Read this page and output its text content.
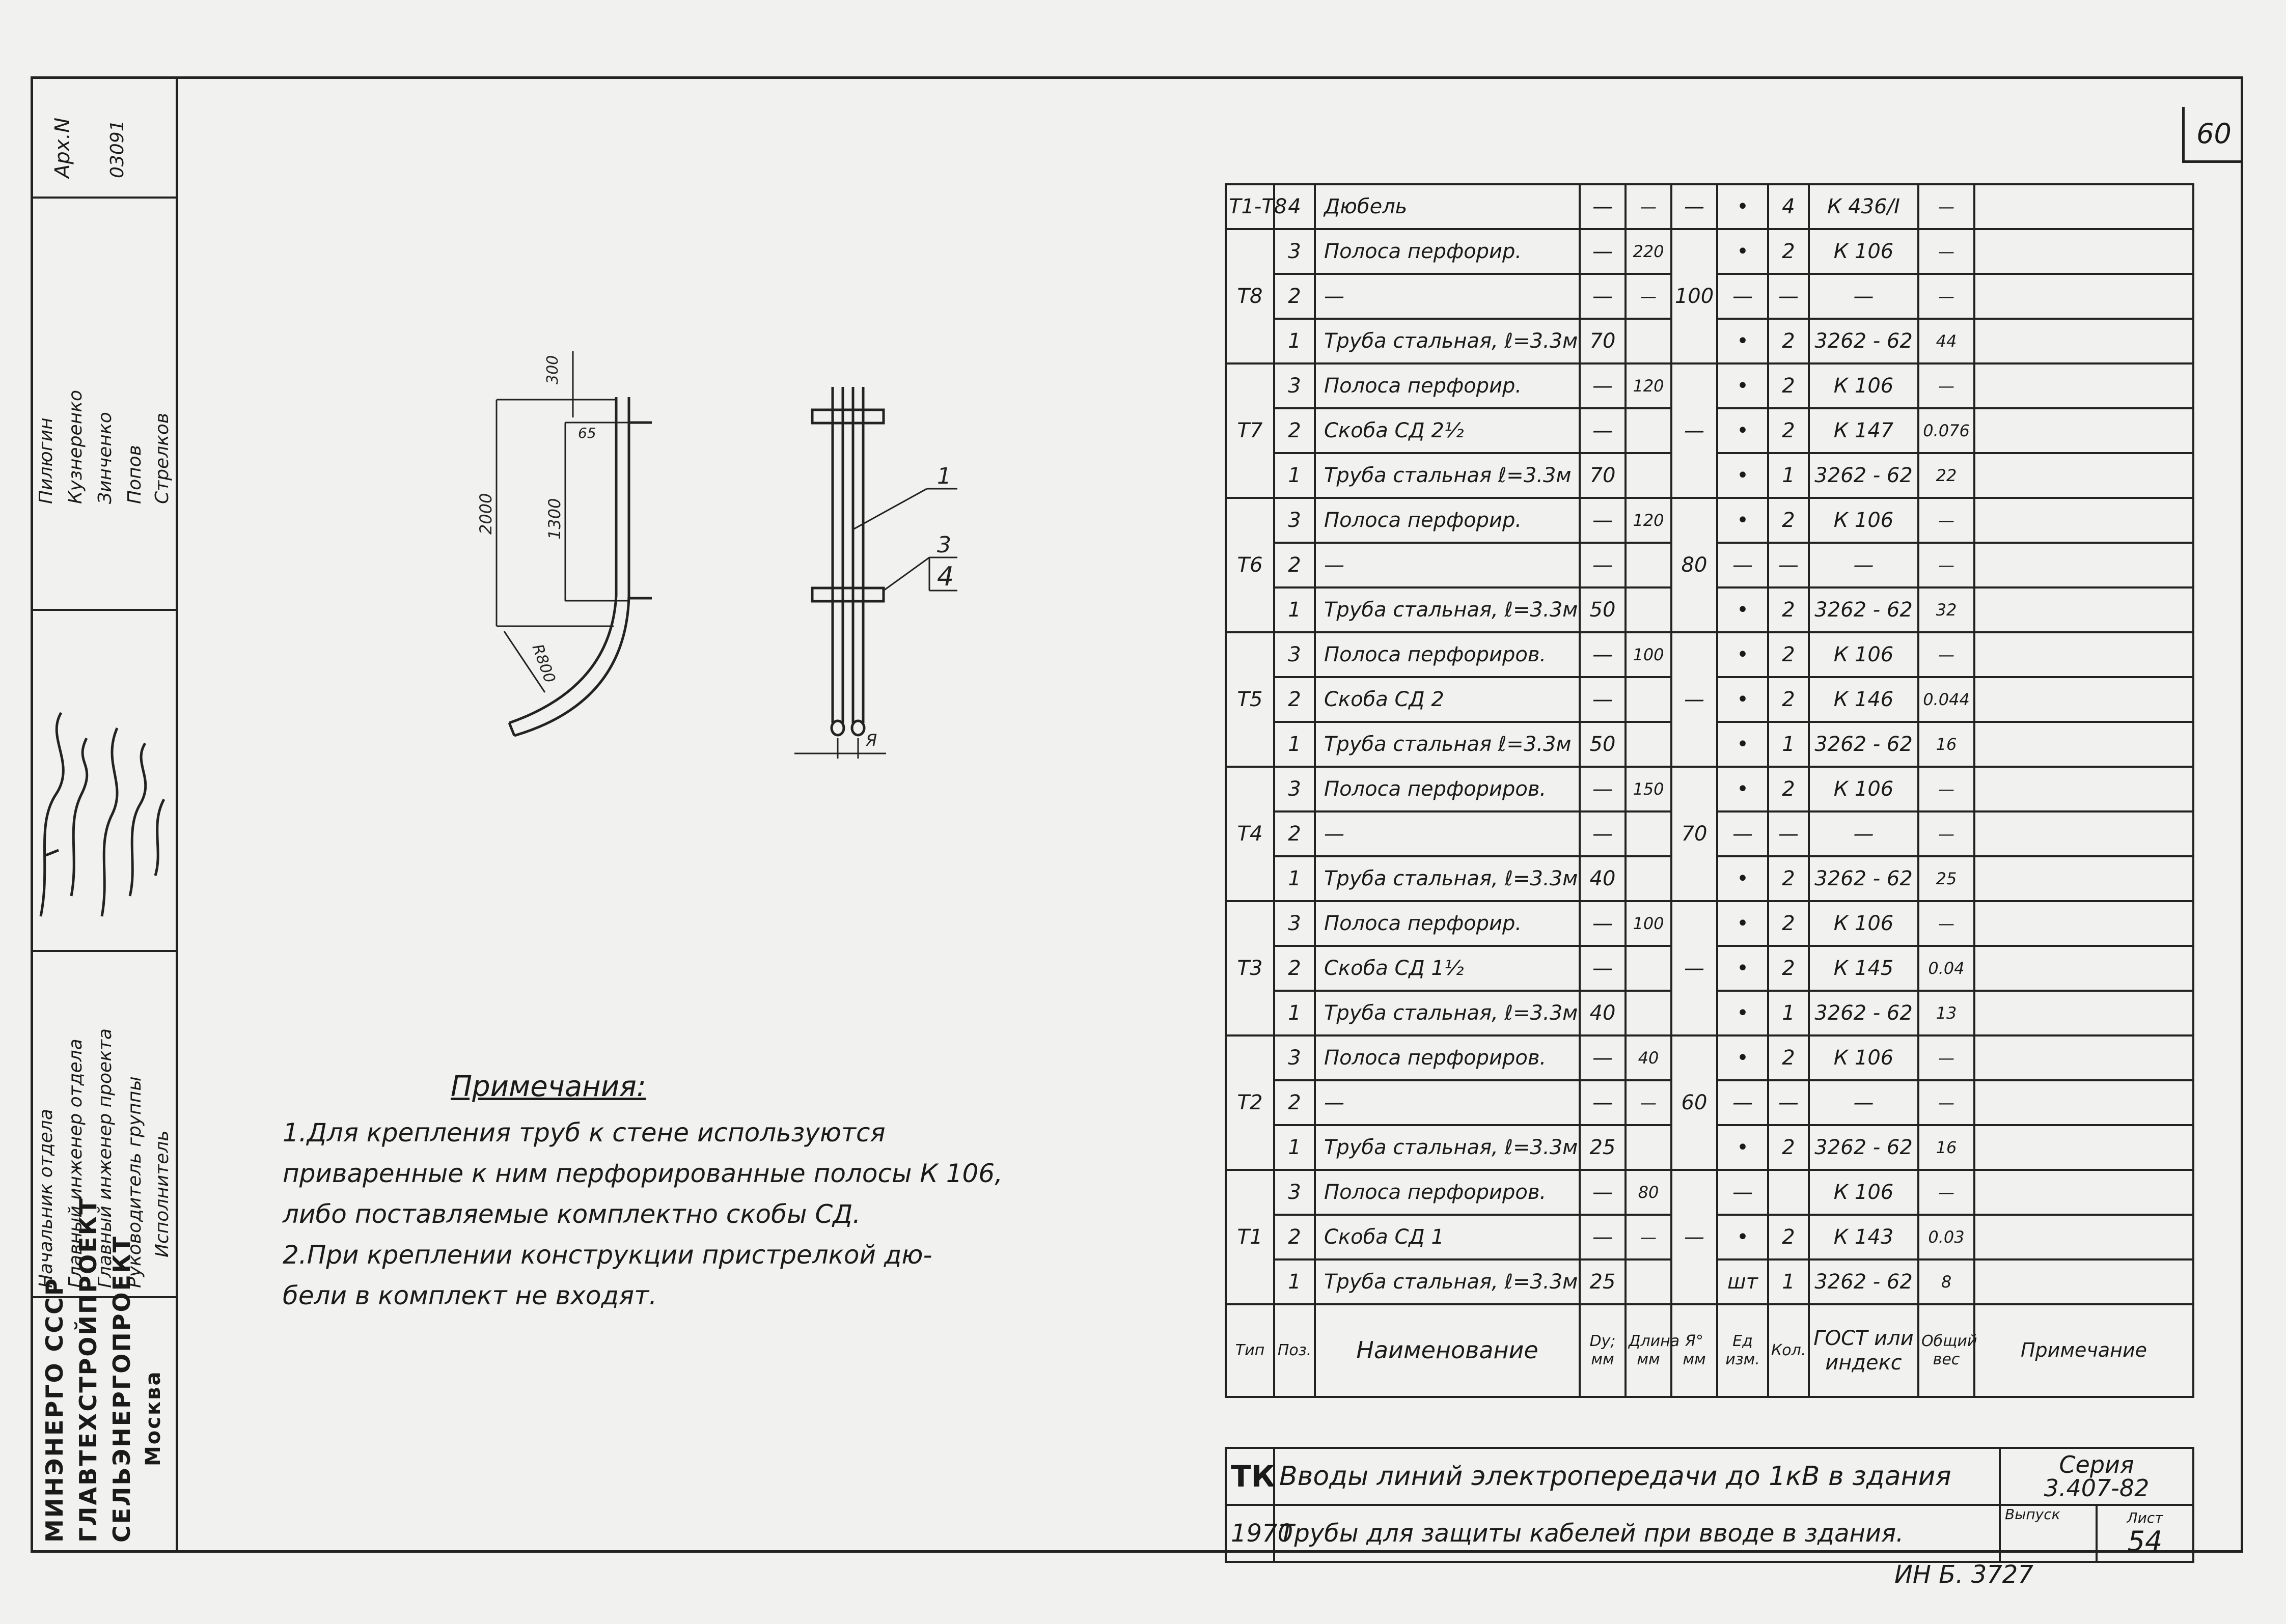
Арх.N 03091
Пилюгин Кузнеренко Зинченко Попов Стрелков
Начальник отдела Главный инженер отдела Главный инженер проекта Руководитель группы Исполнитель
МИНЭНЕРГО СССР ГЛАВТЕХСТРОЙПРОЕКТ СЕЛЬЭНЕРГОПРОЕКТ Москва
60
300
65
2000	1300
R800
1
3
4
Я
Примечания:

1.Для крепления труб к стене используются

приваренные к ним перфорированные полосы К 106,

либо поставляемые комплектно скобы СД.

2.При креплении конструкции пристрелкой дю-

бели в комплект не входят.

Т1-Т8	4	Дюбель	—	—	—	•	4	К 436/I	—	
Т8	3	Полоса перфорир.	—	220	100	•	2	К 106	—	
	2	—	—	—		—	—	—	—	
	1	Труба стальная, ℓ=3.3м	70			•	2	3262 - 62	44	
Т7	3	Полоса перфорир.	—	120	—	•	2	К 106	—	
	2	Скоба СД 2½	—			•	2	К 147	0.076	
	1	Труба стальная ℓ=3.3м	70			•	1	3262 - 62	22	
Т6	3	Полоса перфорир.	—	120	80	•	2	К 106	—	
	2	—	—			—	—	—	—	
	1	Труба стальная, ℓ=3.3м	50			•	2	3262 - 62	32	
Т5	3	Полоса перфориров.	—	100	—	•	2	К 106	—	
	2	Скоба СД 2	—			•	2	К 146	0.044	
	1	Труба стальная ℓ=3.3м	50			•	1	3262 - 62	16	
Т4	3	Полоса перфориров.	—	150	70	•	2	К 106	—	
	2	—	—			—	—	—	—	
	1	Труба стальная, ℓ=3.3м	40			•	2	3262 - 62	25	
Т3	3	Полоса перфорир.	—	100	—	•	2	К 106	—	
	2	Скоба СД 1½	—			•	2	К 145	0.04	
	1	Труба стальная, ℓ=3.3м	40			•	1	3262 - 62	13	
Т2	3	Полоса перфориров.	—	40	60	•	2	К 106	—	
	2	—	—	—		—	—	—	—	
	1	Труба стальная, ℓ=3.3м	25			•	2	3262 - 62	16	
Т1	3	Полоса перфориров.	—	80	—	—		К 106	—	
	2	Скоба СД 1	—	—		•	2	К 143	0.03	
	1	Труба стальная, ℓ=3.3м	25			шт	1	3262 - 62	8	
Тип	Поз.	Наименование	Dy; мм	Длина мм	Я° мм	Ед изм.	Кол.	ГОСТ или индекс	Общий вес	Примечание
ТК	Вводы линий электропередачи до 1кВ в здания	Серия
3.407-82	

1970	Трубы для защиты кабелей при вводе в здания.	Выпуск	Лист
54
ИН Б. 3727
